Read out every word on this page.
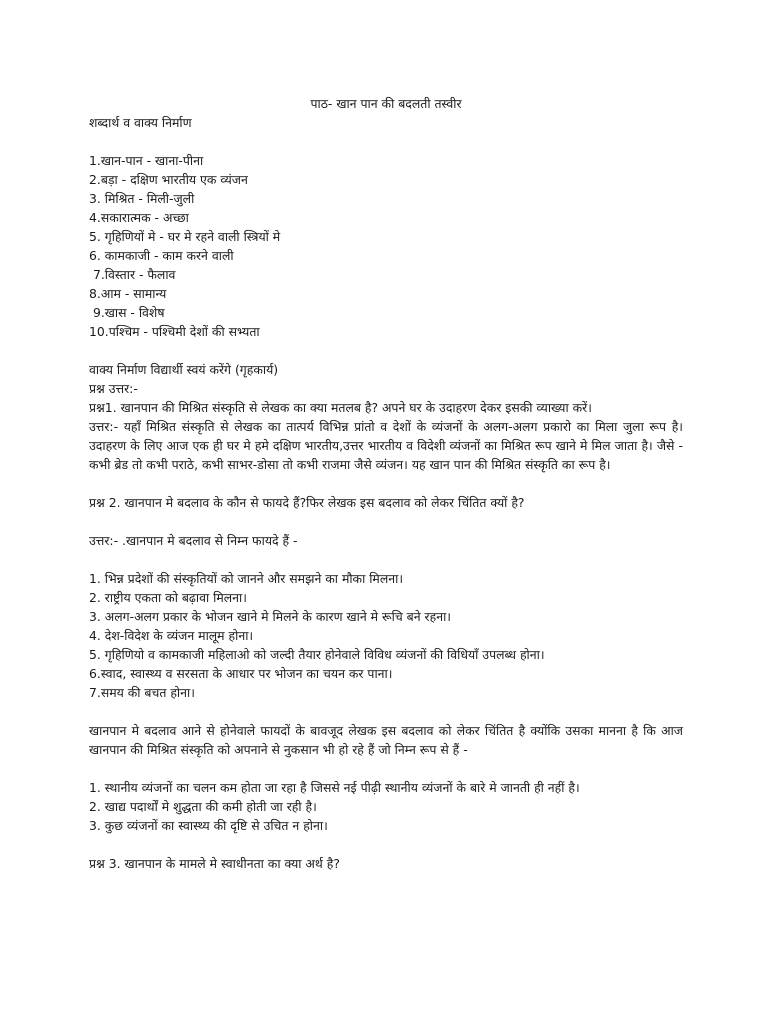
पाठ- खान पान की बदलती तस्वीर

शब्दार्थ व वाक्य निर्माण

1.खान-पान - खाना-पीना

2.बड़ा - दक्षिण भारतीय एक व्यंजन

3. मिश्रित - मिली-जुली

4.सकारात्मक - अच्छा

5. गृहिणियों मे - घर मे रहने वाली स्त्रियों मे

6. कामकाजी - काम करने वाली

7.विस्तार - फैलाव

8.आम - सामान्य

9.खास - विशेष

10.पश्चिम - पश्चिमी देशों की सभ्यता

वाक्य निर्माण विद्यार्थी स्वयं करेंगे (गृहकार्य)

प्रश्न उत्तर:-

प्रश्न1. खानपान की मिश्रित संस्कृति से लेखक का क्या मतलब है? अपने घर के उदाहरण देकर इसकी व्याख्या करें।

उत्तर:- यहाँ मिश्रित संस्कृति से लेखक का तात्पर्य विभिन्न प्रांतो व देशों के व्यंजनों के अलग-अलग प्रकारो का मिला जुला रूप है। उदाहरण के लिए आज एक ही घर मे हमे दक्षिण भारतीय,उत्तर भारतीय व विदेशी व्यंजनों का मिश्रित रूप खाने मे मिल जाता है। जैसे - कभी ब्रेड तो कभी पराठे, कभी साभर-डोसा तो कभी राजमा जैसे व्यंजन। यह खान पान की मिश्रित संस्कृति का रूप है।

प्रश्न 2. खानपान मे बदलाव के कौन से फायदे हैं?फिर लेखक इस बदलाव को लेकर चिंतित क्यों है?

उत्तर:- .खानपान मे बदलाव से निम्न फायदे हैं -

1. भिन्न प्रदेशों की संस्कृतियों को जानने और समझने का मौका मिलना।

2. राष्ट्रीय एकता को बढ़ावा मिलना।

3. अलग-अलग प्रकार के भोजन खाने मे मिलने के कारण खाने मे रूचि बने रहना।

4. देश-विदेश के व्यंजन मालूम होना।

5. गृहिणियो व कामकाजी महिलाओ को जल्दी तैयार होनेवाले विविध व्यंजनों की विधियाँ उपलब्ध होना।

6.स्वाद, स्वास्थ्य व सरसता के आधार पर भोजन का चयन कर पाना।

7.समय की बचत होना।

खानपान मे बदलाव आने से होनेवाले फायदों के बावजूद लेखक इस बदलाव को लेकर चिंतित है क्योंकि उसका मानना है कि आज खानपान की मिश्रित संस्कृति को अपनाने से नुकसान भी हो रहे हैं जो निम्न रूप से हैं -

1. स्थानीय व्यंजनों का चलन कम होता जा रहा है जिससे नई पीढ़ी स्थानीय व्यंजनों के बारे मे जानती ही नहीं है।

2. खाद्य पदार्थों मे शुद्धता की कमी होती जा रही है।

3. कुछ व्यंजनों का स्वास्थ्य की दृष्टि से उचित न होना।

प्रश्न 3. खानपान के मामले मे स्वाधीनता का क्या अर्थ है?
